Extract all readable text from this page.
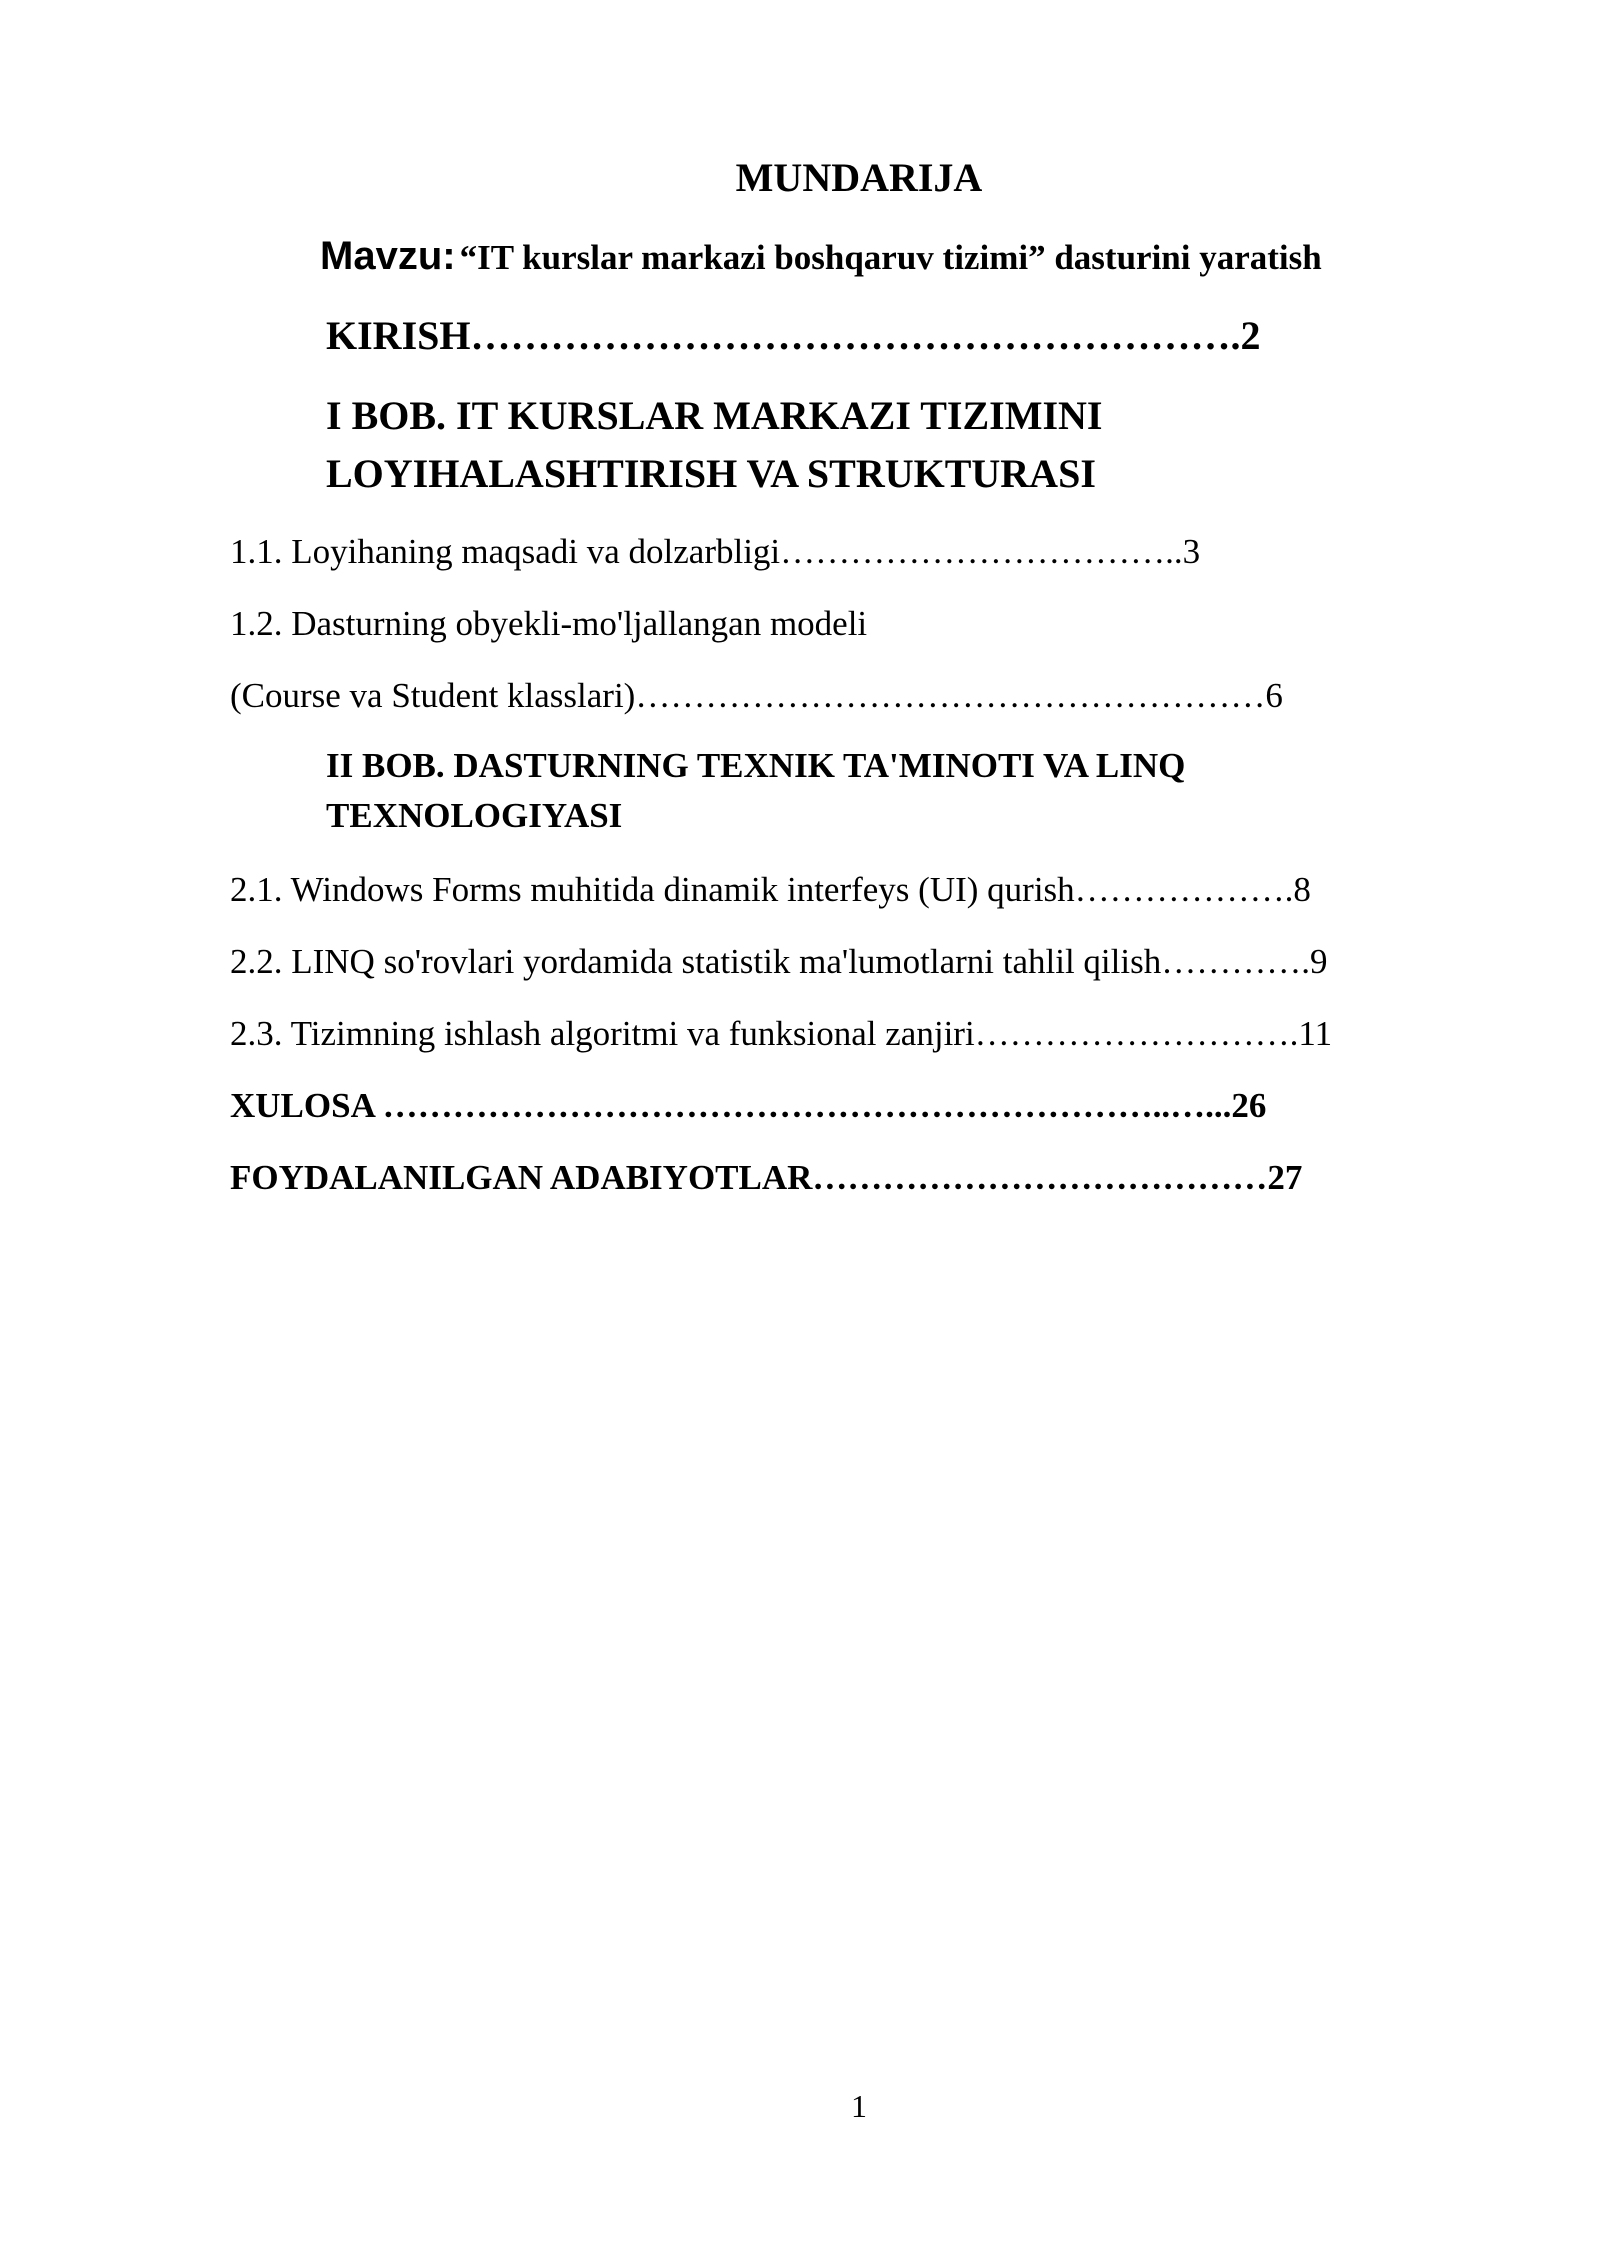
MUNDARIJA
Mavzu: “IT kurslar markazi boshqaruv tizimi” dasturini yaratish
KIRISH………………………………………………….2
I BOB. IT KURSLAR MARKAZI TIZIMINI
LOYIHALASHTIRISH VA STRUKTURASI
1.1. Loyihaning maqsadi va dolzarbligi……………………………..3
1.2. Dasturning obyekli-mo'ljallangan modeli
(Course va Student klasslari)………………………………………………6
II BOB. DASTURNING TEXNIK TA'MINOTI VA LINQ
TEXNOLOGIYASI
2.1. Windows Forms muhitida dinamik interfeys (UI) qurish……………….8
2.2. LINQ so'rovlari yordamida statistik ma'lumotlarni tahlil qilish………….9
2.3. Tizimning ishlash algoritmi va funksional zanjiri……………………….11
XULOSA …………………………………………………………..…...26
FOYDALANILGAN ADABIYOTLAR…………………………………27
1
